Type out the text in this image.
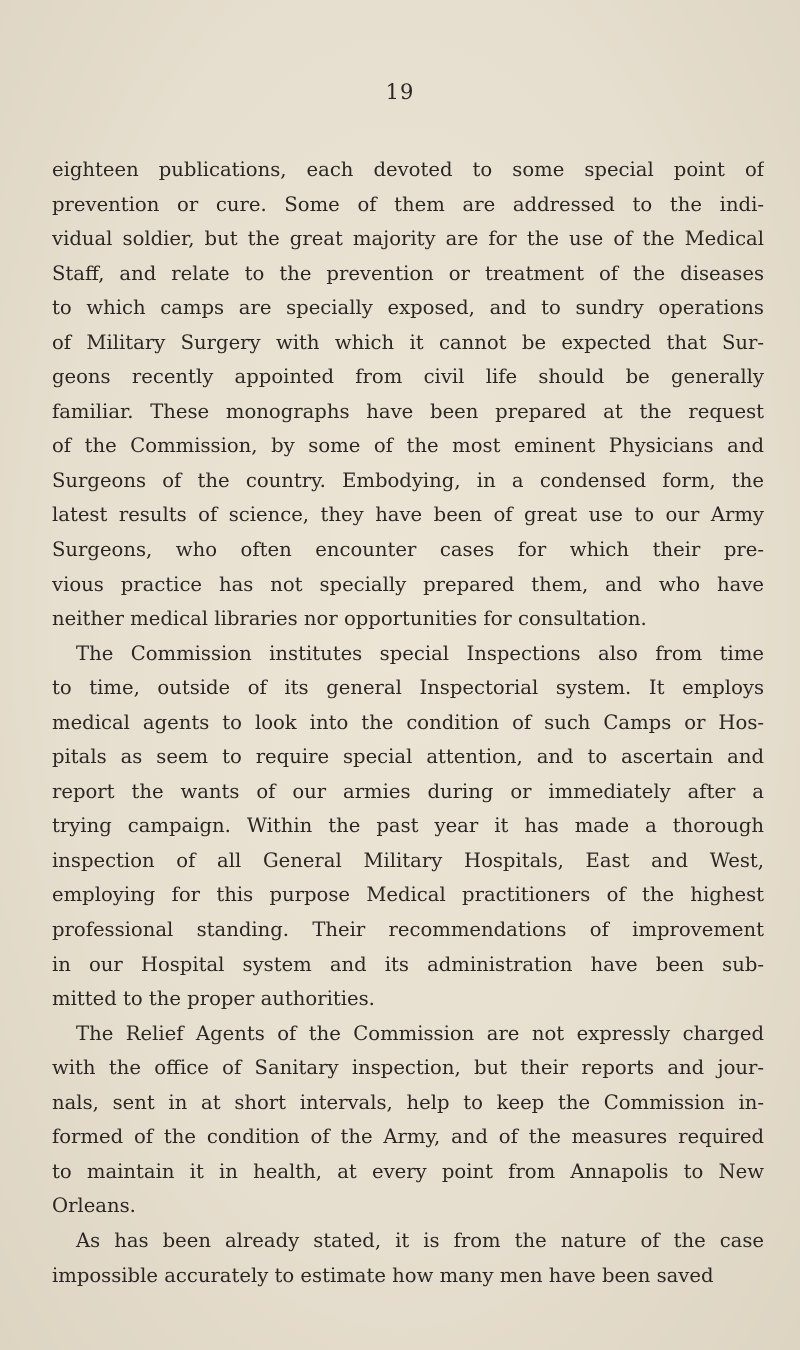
19
eighteen publications, each devoted to some special point of
prevention or cure. Some of them are addressed to the indi-
vidual soldier, but the great majority are for the use of the Medical
Staff, and relate to the prevention or treatment of the diseases
to which camps are specially exposed, and to sundry operations
of Military Surgery with which it cannot be expected that Sur-
geons recently appointed from civil life should be generally
familiar. These monographs have been prepared at the request
of the Commission, by some of the most eminent Physicians and
Surgeons of the country. Embodying, in a condensed form, the
latest results of science, they have been of great use to our Army
Surgeons, who often encounter cases for which their pre-
vious practice has not specially prepared them, and who have
neither medical libraries nor opportunities for consultation.
The Commission institutes special Inspections also from time
to time, outside of its general Inspectorial system. It employs
medical agents to look into the condition of such Camps or Hos-
pitals as seem to require special attention, and to ascertain and
report the wants of our armies during or immediately after a
trying campaign. Within the past year it has made a thorough
inspection of all General Military Hospitals, East and West,
employing for this purpose Medical practitioners of the highest
professional standing. Their recommendations of improvement
in our Hospital system and its administration have been sub-
mitted to the proper authorities.
The Relief Agents of the Commission are not expressly charged
with the office of Sanitary inspection, but their reports and jour-
nals, sent in at short intervals, help to keep the Commission in-
formed of the condition of the Army, and of the measures required
to maintain it in health, at every point from Annapolis to New
Orleans.
As has been already stated, it is from the nature of the case
impossible accurately to estimate how many men have been saved
